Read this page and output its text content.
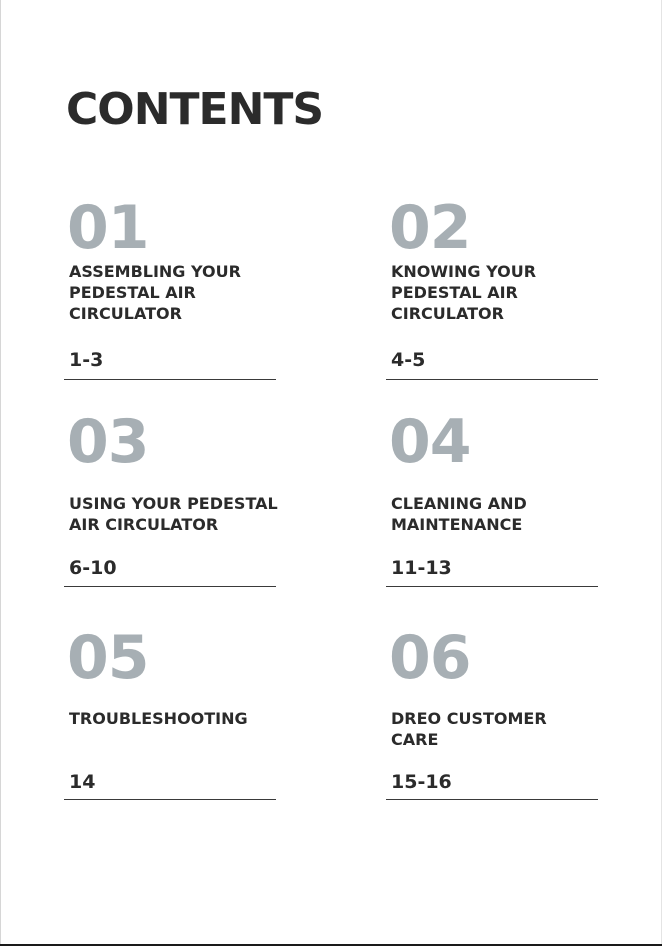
CONTENTS
01
ASSEMBLING YOUR
PEDESTAL AIR
CIRCULATOR
1-3
02
KNOWING YOUR
PEDESTAL AIR
CIRCULATOR
4-5
03
USING YOUR PEDESTAL
AIR CIRCULATOR
6-10
04
CLEANING AND
MAINTENANCE
11-13
05
TROUBLESHOOTING
14
06
DREO CUSTOMER
CARE
15-16
